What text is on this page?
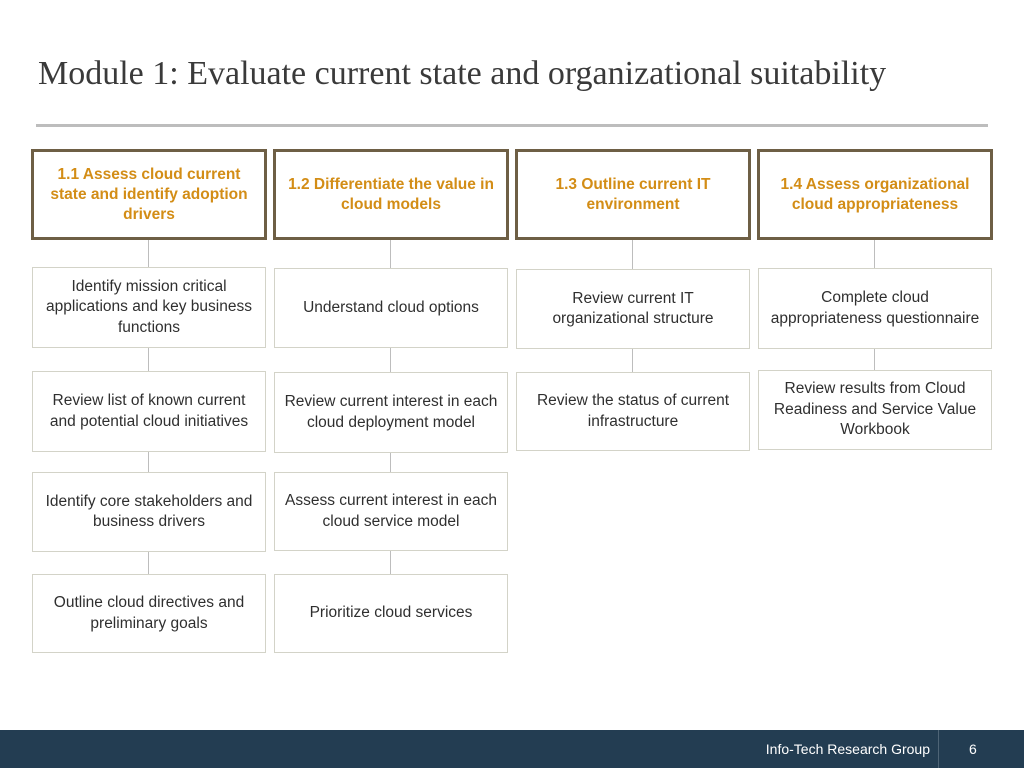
Module 1: Evaluate current state and organizational suitability
1.1 Assess cloud current state and identify adoption drivers
Identify mission critical applications and key business functions
Review list of known current and potential cloud initiatives
Identify core stakeholders and business drivers
Outline cloud directives and preliminary goals
1.2 Differentiate the value in cloud models
Understand cloud options
Review current interest in each cloud deployment model
Assess current interest in each cloud service model
Prioritize cloud services
1.3 Outline current IT environment
Review current IT organizational structure
Review the status of current infrastructure
1.4 Assess organizational cloud appropriateness
Complete cloud appropriateness questionnaire
Review results from Cloud Readiness and Service Value Workbook
Info-Tech Research Group	6
